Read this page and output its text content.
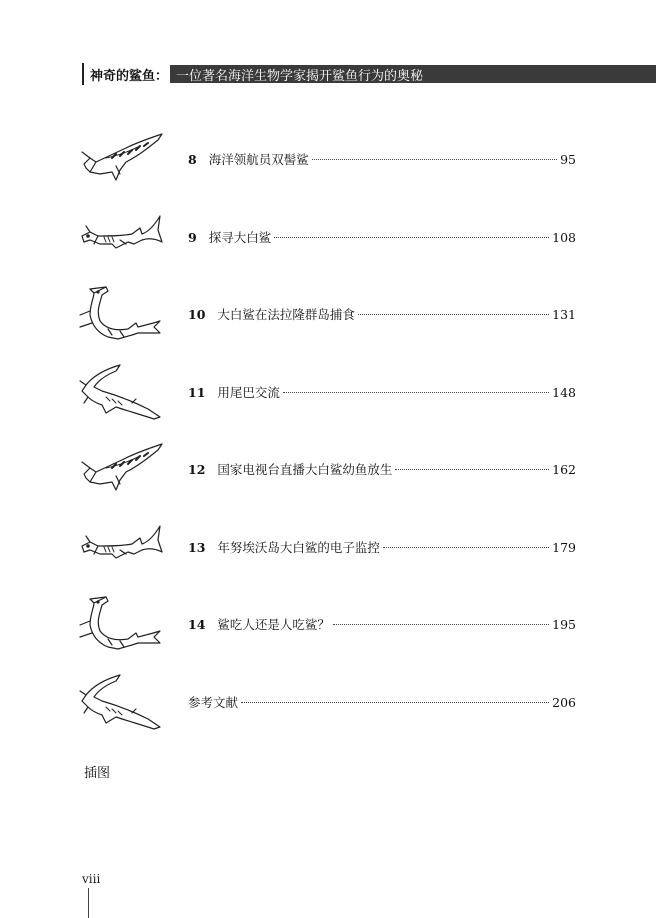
神奇的鲨鱼： 一位著名海洋生物学家揭开鲨鱼行为的奥秘
8 海洋领航员双髻鲨	95
9 探寻大白鲨	108
10 大白鲨在法拉隆群岛捕食	131
11 用尾巴交流	148
12 国家电视台直播大白鲨幼鱼放生	162
13 年努埃沃岛大白鲨的电子监控	179
14 鲨吃人还是人吃鲨？	195
参考文献	206
插图
viii
